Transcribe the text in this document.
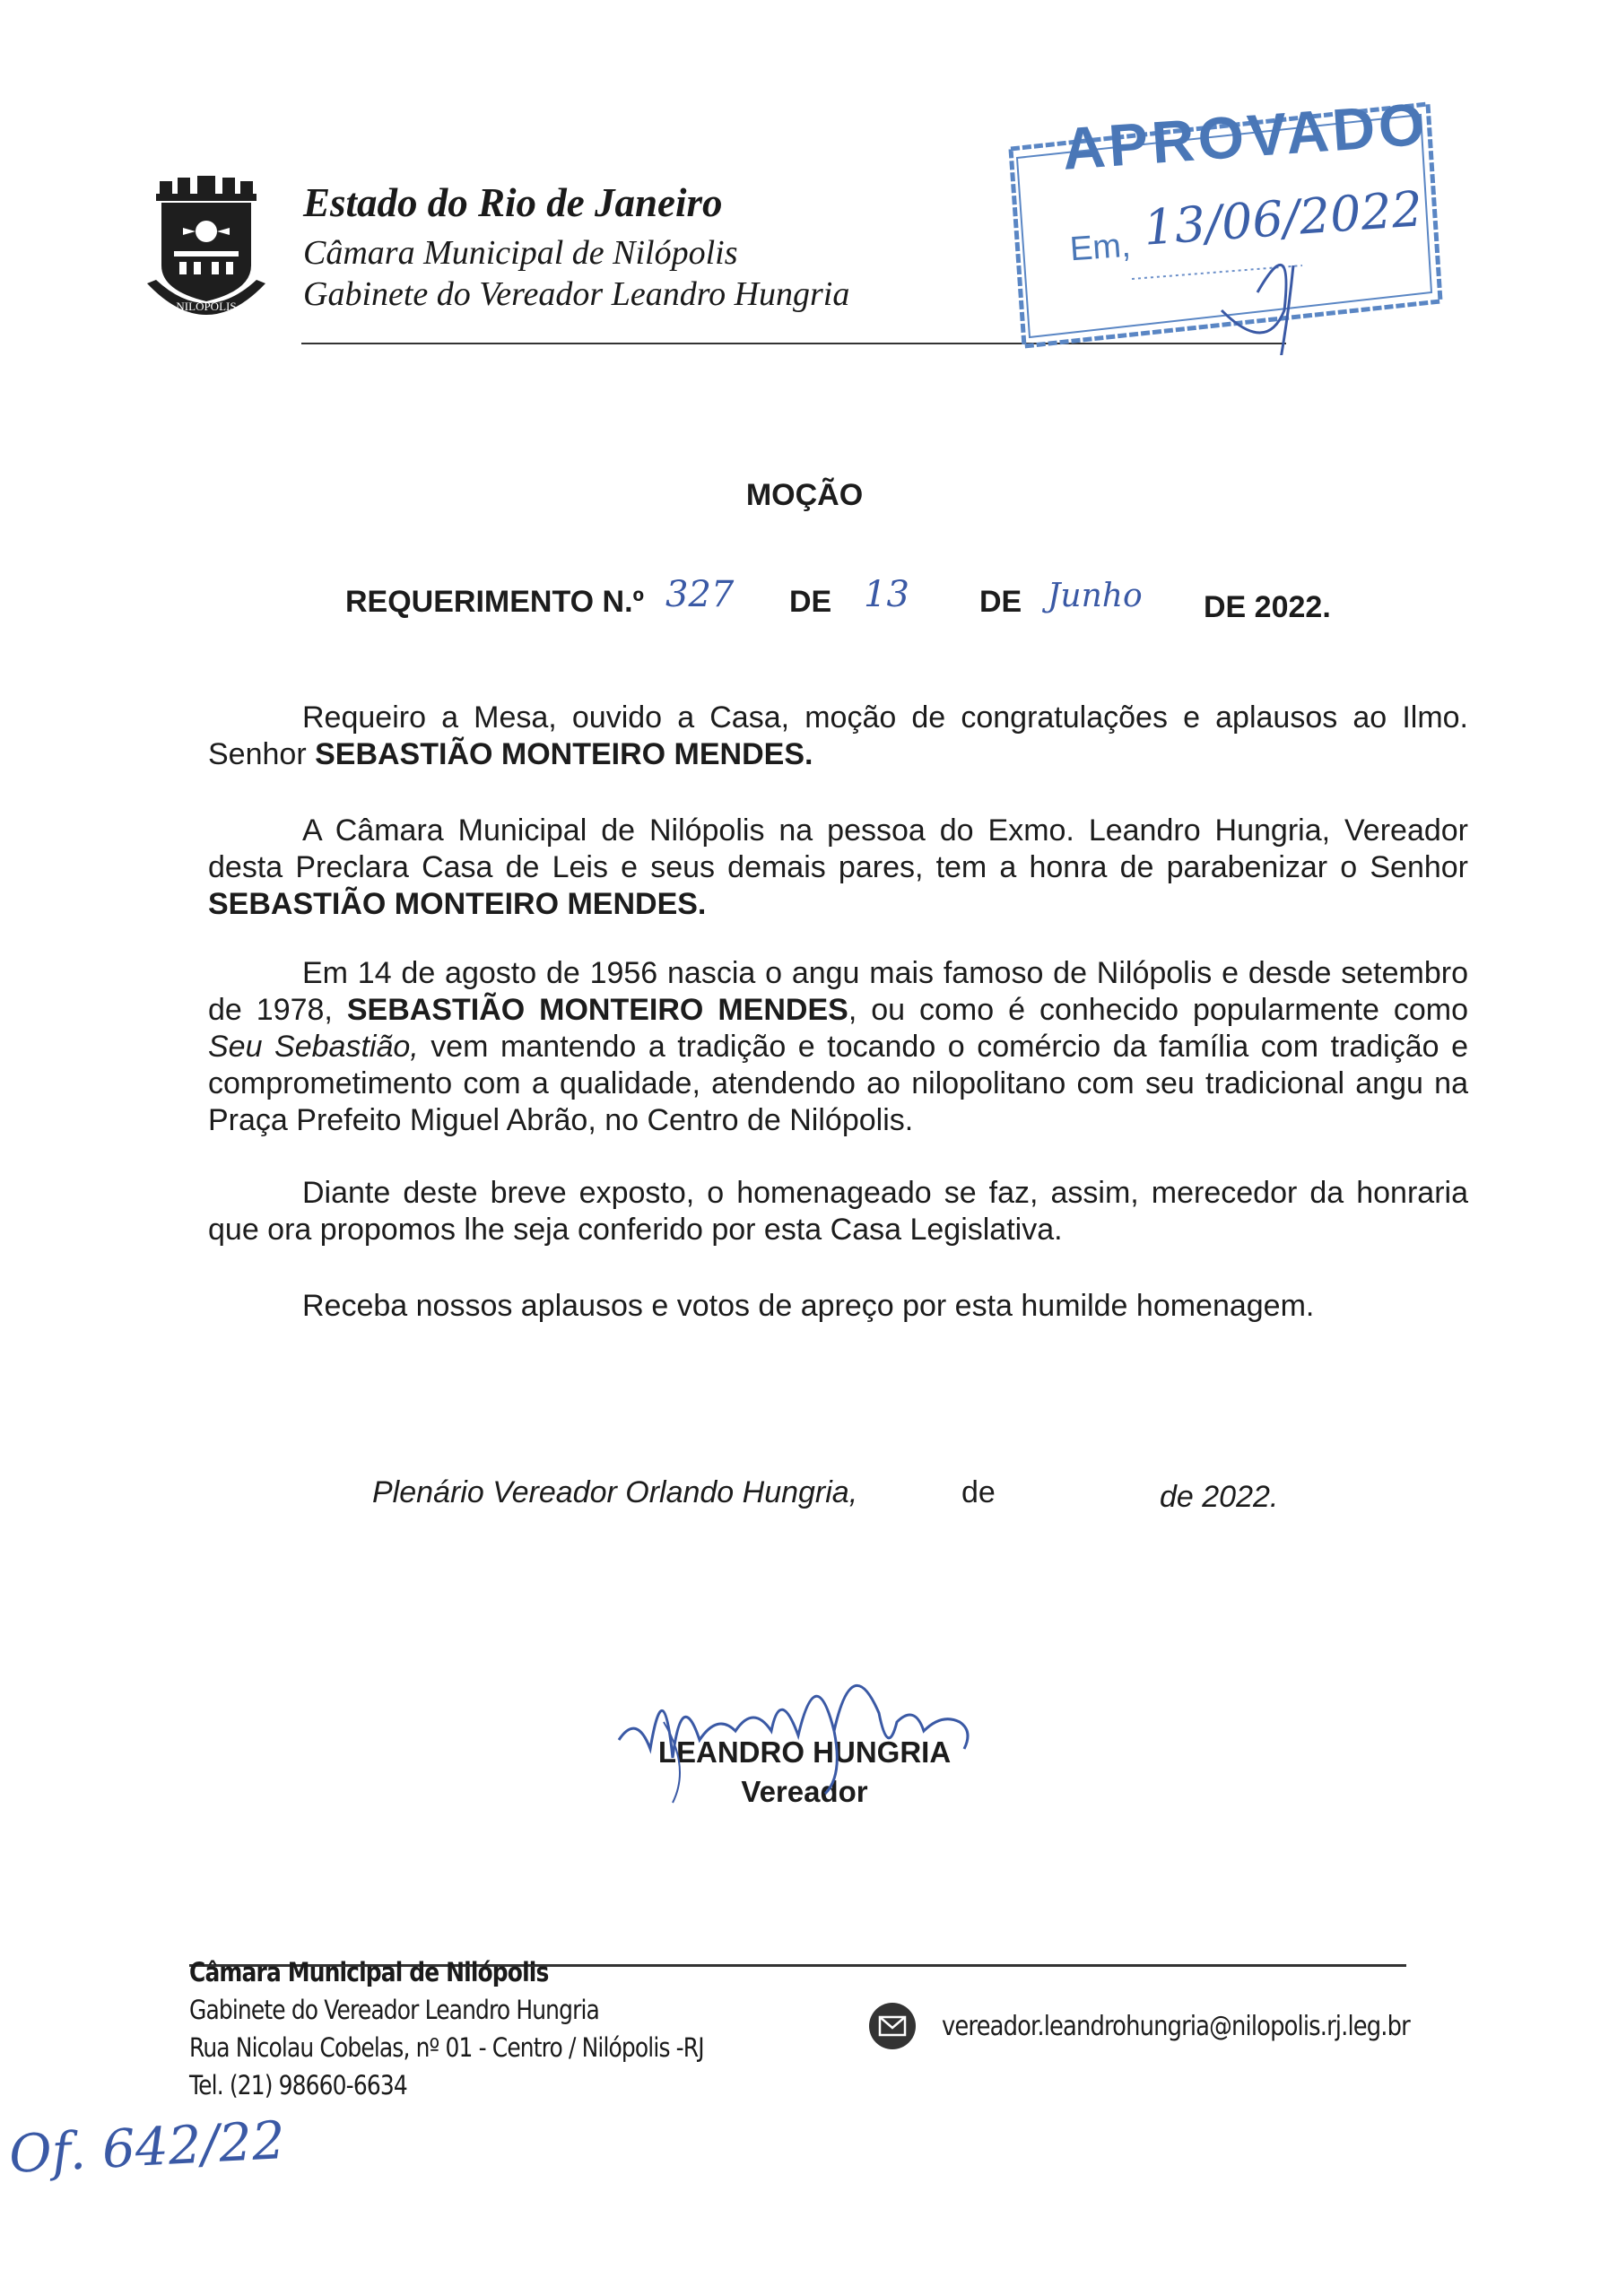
NILÓPOLIS
Estado do Rio de Janeiro
Câmara Municipal de Nilópolis
Gabinete do Vereador Leandro Hungria
APROVADO
Em, 13/06/2022
MOÇÃO
REQUERIMENTO N.º 327 DE 13 DE Junho DE 2022.
Requeiro a Mesa, ouvido a Casa, moção de congratulações e aplausos ao Ilmo. Senhor SEBASTIÃO MONTEIRO MENDES.
A Câmara Municipal de Nilópolis na pessoa do Exmo. Leandro Hungria, Vereador desta Preclara Casa de Leis e seus demais pares, tem a honra de parabenizar o Senhor SEBASTIÃO MONTEIRO MENDES.
Em 14 de agosto de 1956 nascia o angu mais famoso de Nilópolis e desde setembro de 1978, SEBASTIÃO MONTEIRO MENDES, ou como é conhecido popularmente como Seu Sebastião, vem mantendo a tradição e tocando o comércio da família com tradição e comprometimento com a qualidade, atendendo ao nilopolitano com seu tradicional angu na Praça Prefeito Miguel Abrão, no Centro de Nilópolis.
Diante deste breve exposto, o homenageado se faz, assim, merecedor da honraria que ora propomos lhe seja conferido por esta Casa Legislativa.
Receba nossos aplausos e votos de apreço por esta humilde homenagem.
Plenário Vereador Orlando Hungria,	de	de 2022.
LEANDRO HUNGRIA
Vereador
Câmara Municipal de Nilópolis
Gabinete do Vereador Leandro Hungria
Rua Nicolau Cobelas, nº 01 - Centro / Nilópolis -RJ
Tel. (21) 98660-6634
vereador.leandrohungria@nilopolis.rj.leg.br
Of. 642/22
